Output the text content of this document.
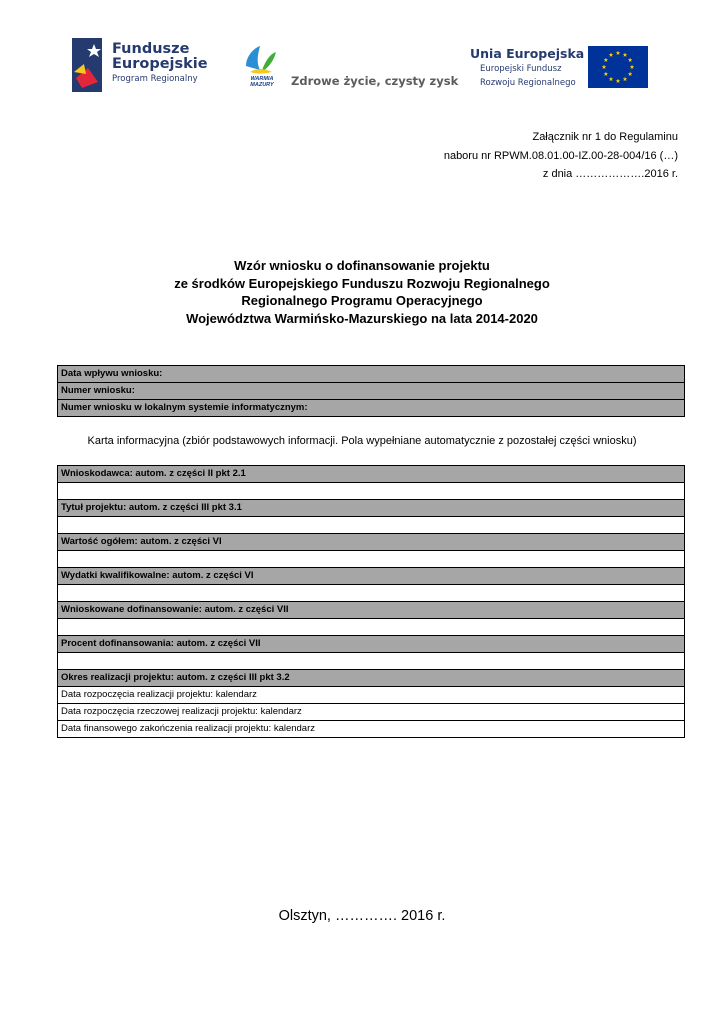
Fundusze
Europejskie
Program Regionalny	WARMIA
MAZURY	Zdrowe życie, czysty zysk
Unia Europejska
Europejski Fundusz
Rozwoju Regionalnego
Załącznik nr 1 do Regulaminu
naboru nr RPWM.08.01.00-IZ.00-28-004/16 (…)
z dnia ……………….2016 r.
Wzór wniosku o dofinansowanie projektu
ze środków Europejskiego Funduszu Rozwoju Regionalnego
Regionalnego Programu Operacyjnego
Województwa Warmińsko-Mazurskiego na lata 2014-2020
Data wpływu wniosku:
Numer wniosku:
Numer wniosku w lokalnym systemie informatycznym:
Karta informacyjna (zbiór podstawowych informacji. Pola wypełniane automatycznie z pozostałej części wniosku)
Wnioskodawca: autom. z części II pkt 2.1

Tytuł projektu: autom. z części III pkt 3.1

Wartość ogółem: autom. z części VI

Wydatki kwalifikowalne: autom. z części VI

Wnioskowane dofinansowanie: autom. z części VII

Procent dofinansowania: autom. z części VII

Okres realizacji projektu: autom. z części III pkt 3.2
Data rozpoczęcia realizacji projektu: kalendarz
Data rozpoczęcia rzeczowej realizacji projektu: kalendarz
Data finansowego zakończenia realizacji projektu: kalendarz
Olsztyn, …………. 2016 r.
